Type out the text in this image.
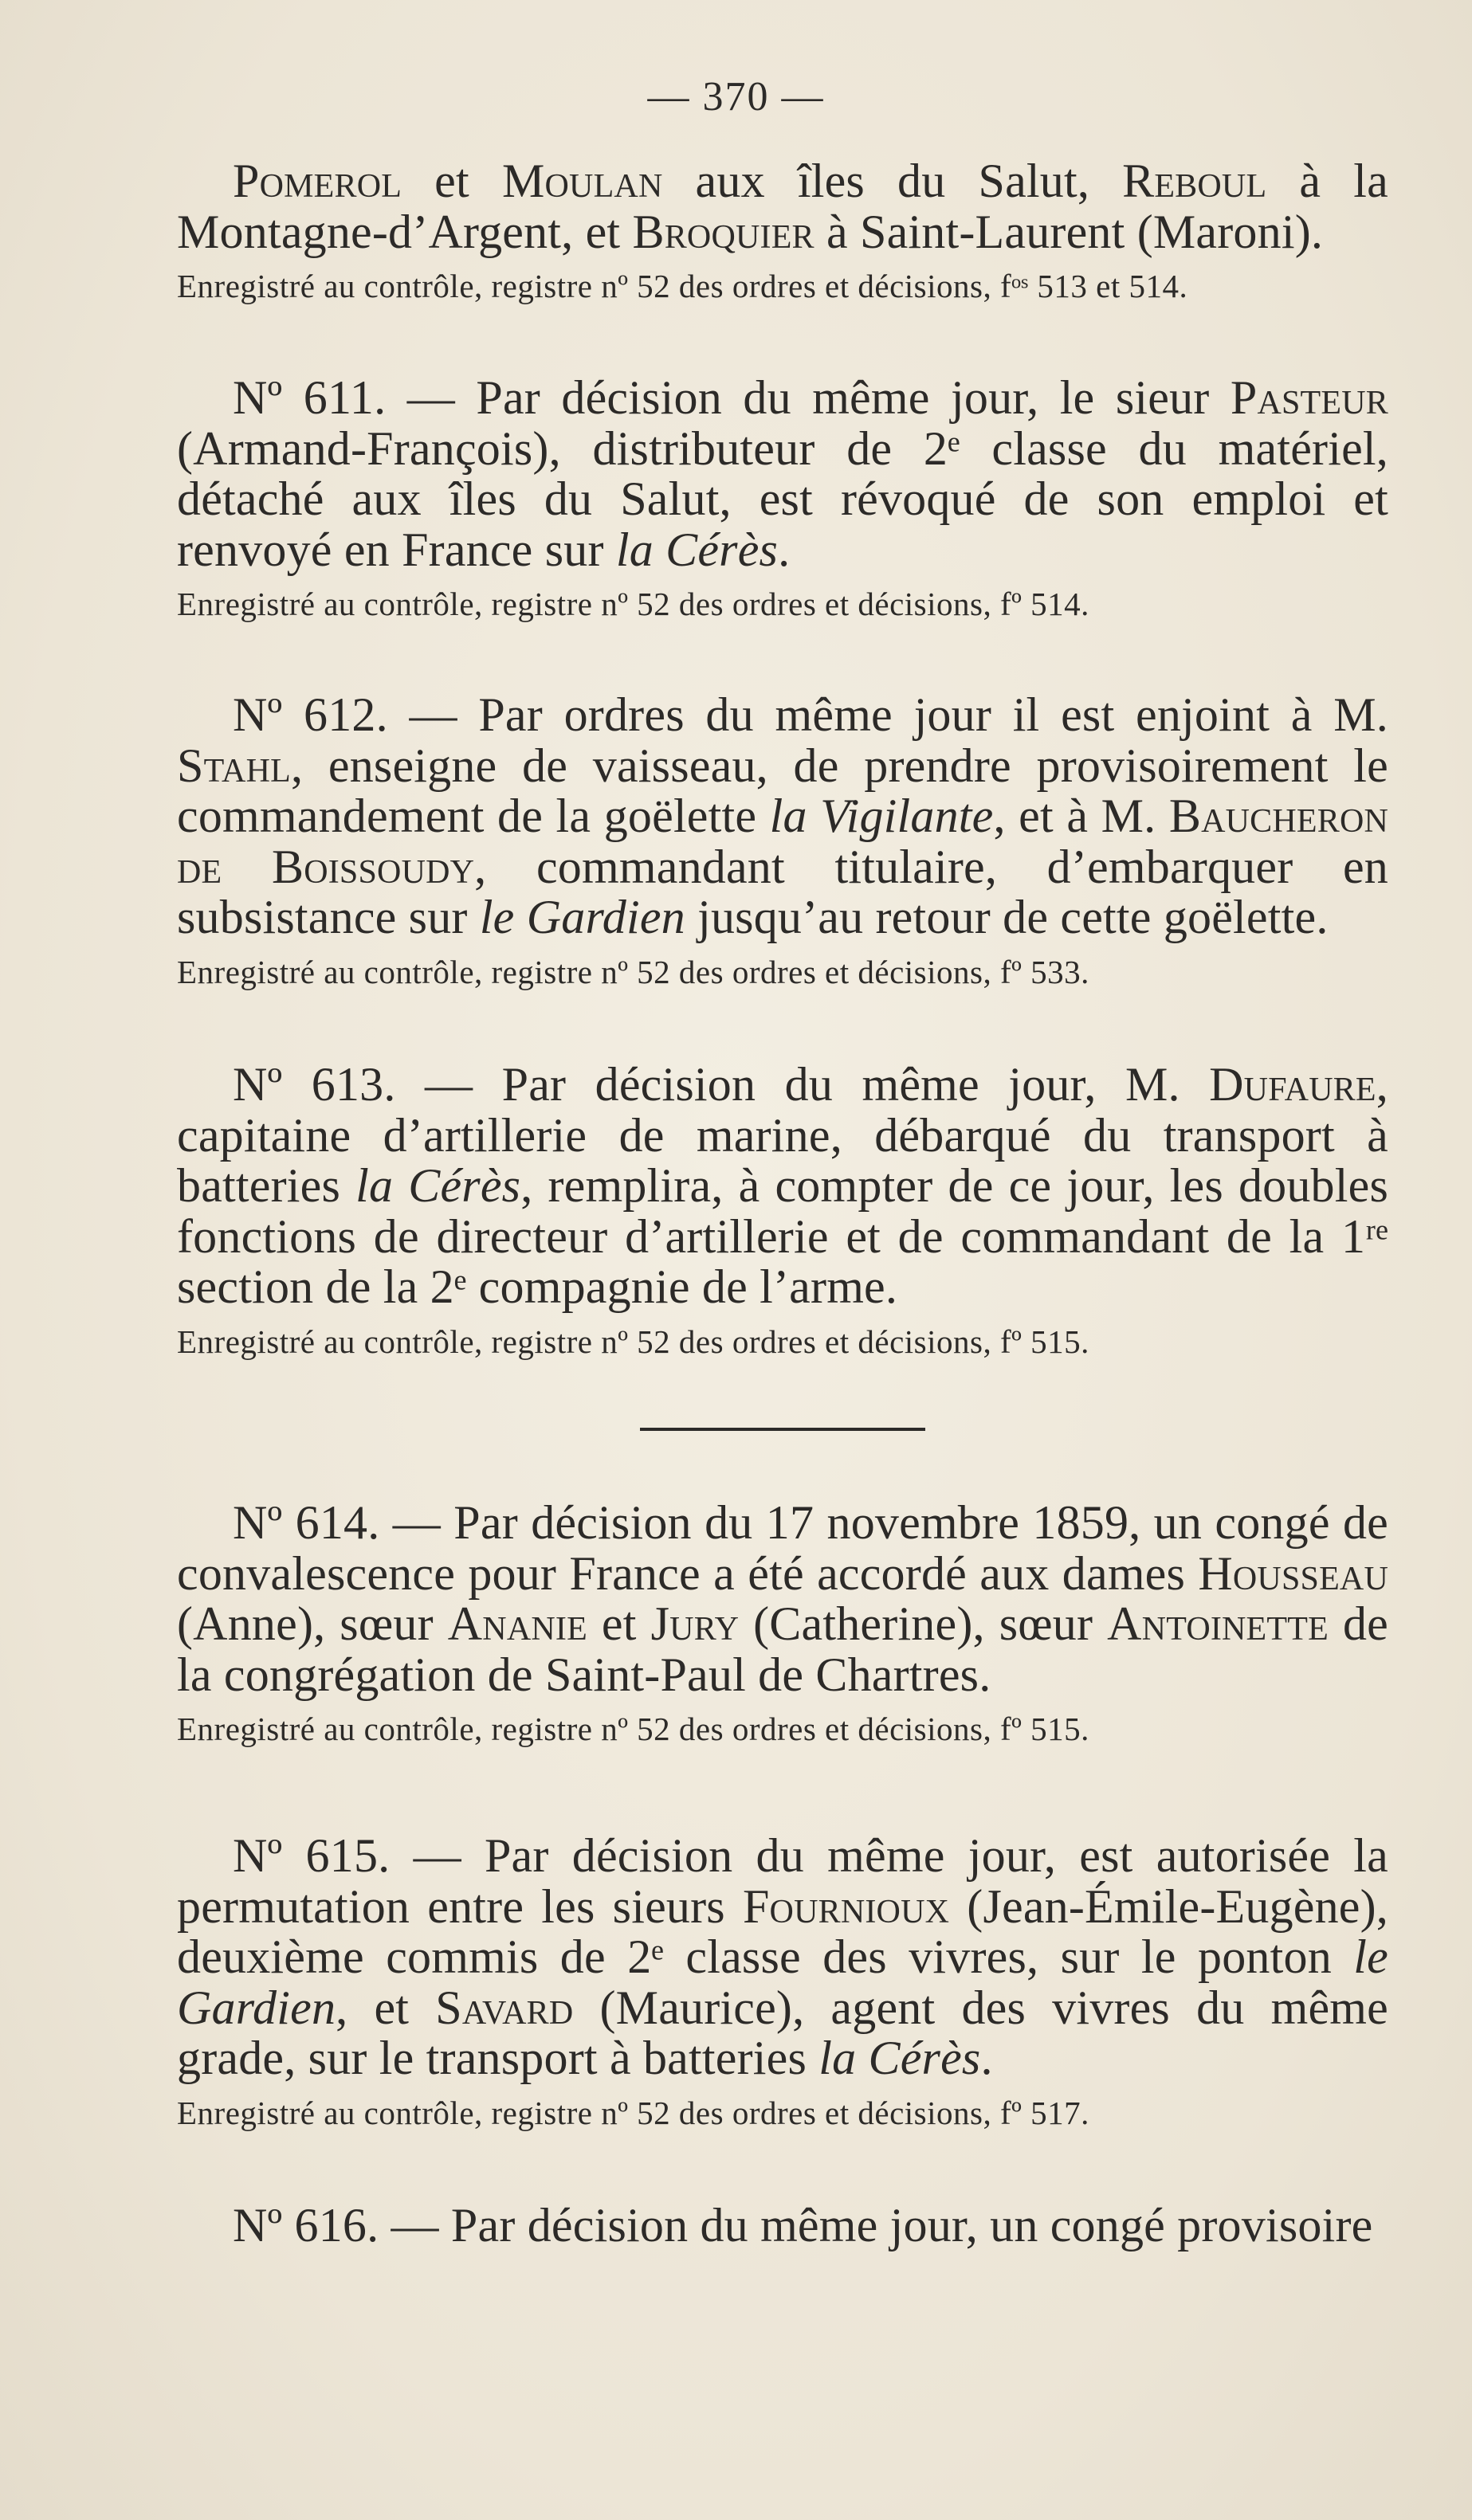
— 370 —

Pomerol et Moulan aux îles du Salut, Reboul à la Montagne-d’Argent, et Broquier à Saint-Laurent (Maroni).

Enregistré au contrôle, registre nº 52 des ordres et décisions, fᵒˢ 513 et 514.

Nº 611. — Par décision du même jour, le sieur Pasteur (Armand-François), distributeur de 2ᵉ classe du matériel, détaché aux îles du Salut, est révoqué de son emploi et renvoyé en France sur la Cérès.

Enregistré au contrôle, registre nº 52 des ordres et décisions, fº 514.

Nº 612. — Par ordres du même jour il est enjoint à M. Stahl, enseigne de vaisseau, de prendre provisoirement le commandement de la goëlette la Vigilante, et à M. Baucheron de Boissoudy, commandant titulaire, d’embarquer en subsistance sur le Gardien jusqu’au retour de cette goëlette.

Enregistré au contrôle, registre nº 52 des ordres et décisions, fº 533.

Nº 613. — Par décision du même jour, M. Dufaure, capitaine d’artillerie de marine, débarqué du transport à batteries la Cérès, remplira, à compter de ce jour, les doubles fonctions de directeur d’artillerie et de commandant de la 1ʳᵉ section de la 2ᵉ compagnie de l’arme.

Enregistré au contrôle, registre nº 52 des ordres et décisions, fº 515.

Nº 614. — Par décision du 17 novembre 1859, un congé de convalescence pour France a été accordé aux dames Housseau (Anne), sœur Ananie et Jury (Catherine), sœur Antoinette de la congrégation de Saint-Paul de Chartres.

Enregistré au contrôle, registre nº 52 des ordres et décisions, fº 515.

Nº 615. — Par décision du même jour, est autorisée la permutation entre les sieurs Fournioux (Jean-Émile-Eugène), deuxième commis de 2ᵉ classe des vivres, sur le ponton le Gardien, et Savard (Maurice), agent des vivres du même grade, sur le transport à batteries la Cérès.

Enregistré au contrôle, registre nº 52 des ordres et décisions, fº 517.

Nº 616. — Par décision du même jour, un congé provisoire
